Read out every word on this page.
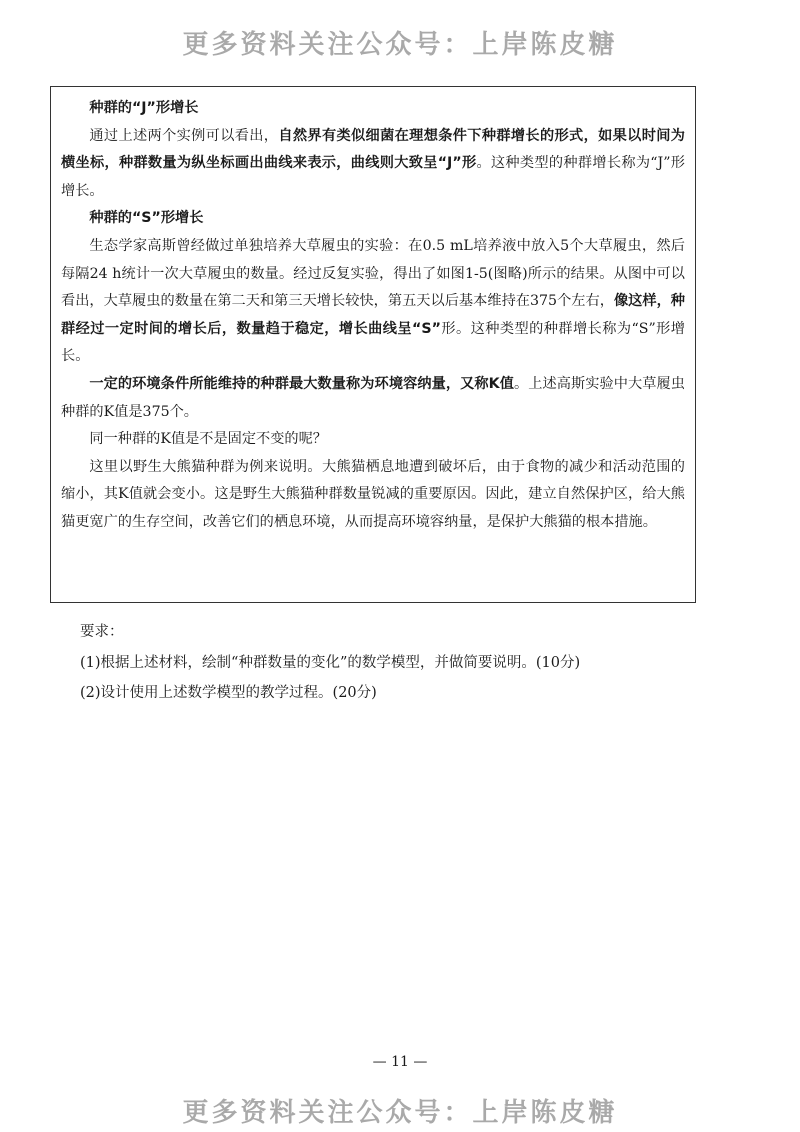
更多资料关注公众号：上岸陈皮糖

种群的“J”形增长

通过上述两个实例可以看出，自然界有类似细菌在理想条件下种群增长的形式，如果以时间为横坐标，种群数量为纵坐标画出曲线来表示，曲线则大致呈“J”形。这种类型的种群增长称为“J”形增长。

种群的“S”形增长

生态学家高斯曾经做过单独培养大草履虫的实验：在0.5 mL培养液中放入5个大草履虫，然后每隔24 h统计一次大草履虫的数量。经过反复实验，得出了如图1-5(图略)所示的结果。从图中可以看出，大草履虫的数量在第二天和第三天增长较快，第五天以后基本维持在375个左右，像这样，种群经过一定时间的增长后，数量趋于稳定，增长曲线呈“S”形。这种类型的种群增长称为“S”形增长。

一定的环境条件所能维持的种群最大数量称为环境容纳量，又称K值。上述高斯实验中大草履虫种群的K值是375个。

同一种群的K值是不是固定不变的呢？

这里以野生大熊猫种群为例来说明。大熊猫栖息地遭到破坏后，由于食物的减少和活动范围的缩小，其K值就会变小。这是野生大熊猫种群数量锐减的重要原因。因此，建立自然保护区，给大熊猫更宽广的生存空间，改善它们的栖息环境，从而提高环境容纳量，是保护大熊猫的根本措施。

要求：

(1)根据上述材料，绘制“种群数量的变化”的数学模型，并做简要说明。(10分)

(2)设计使用上述数学模型的教学过程。(20分)

— 11 —
更多资料关注公众号：上岸陈皮糖
